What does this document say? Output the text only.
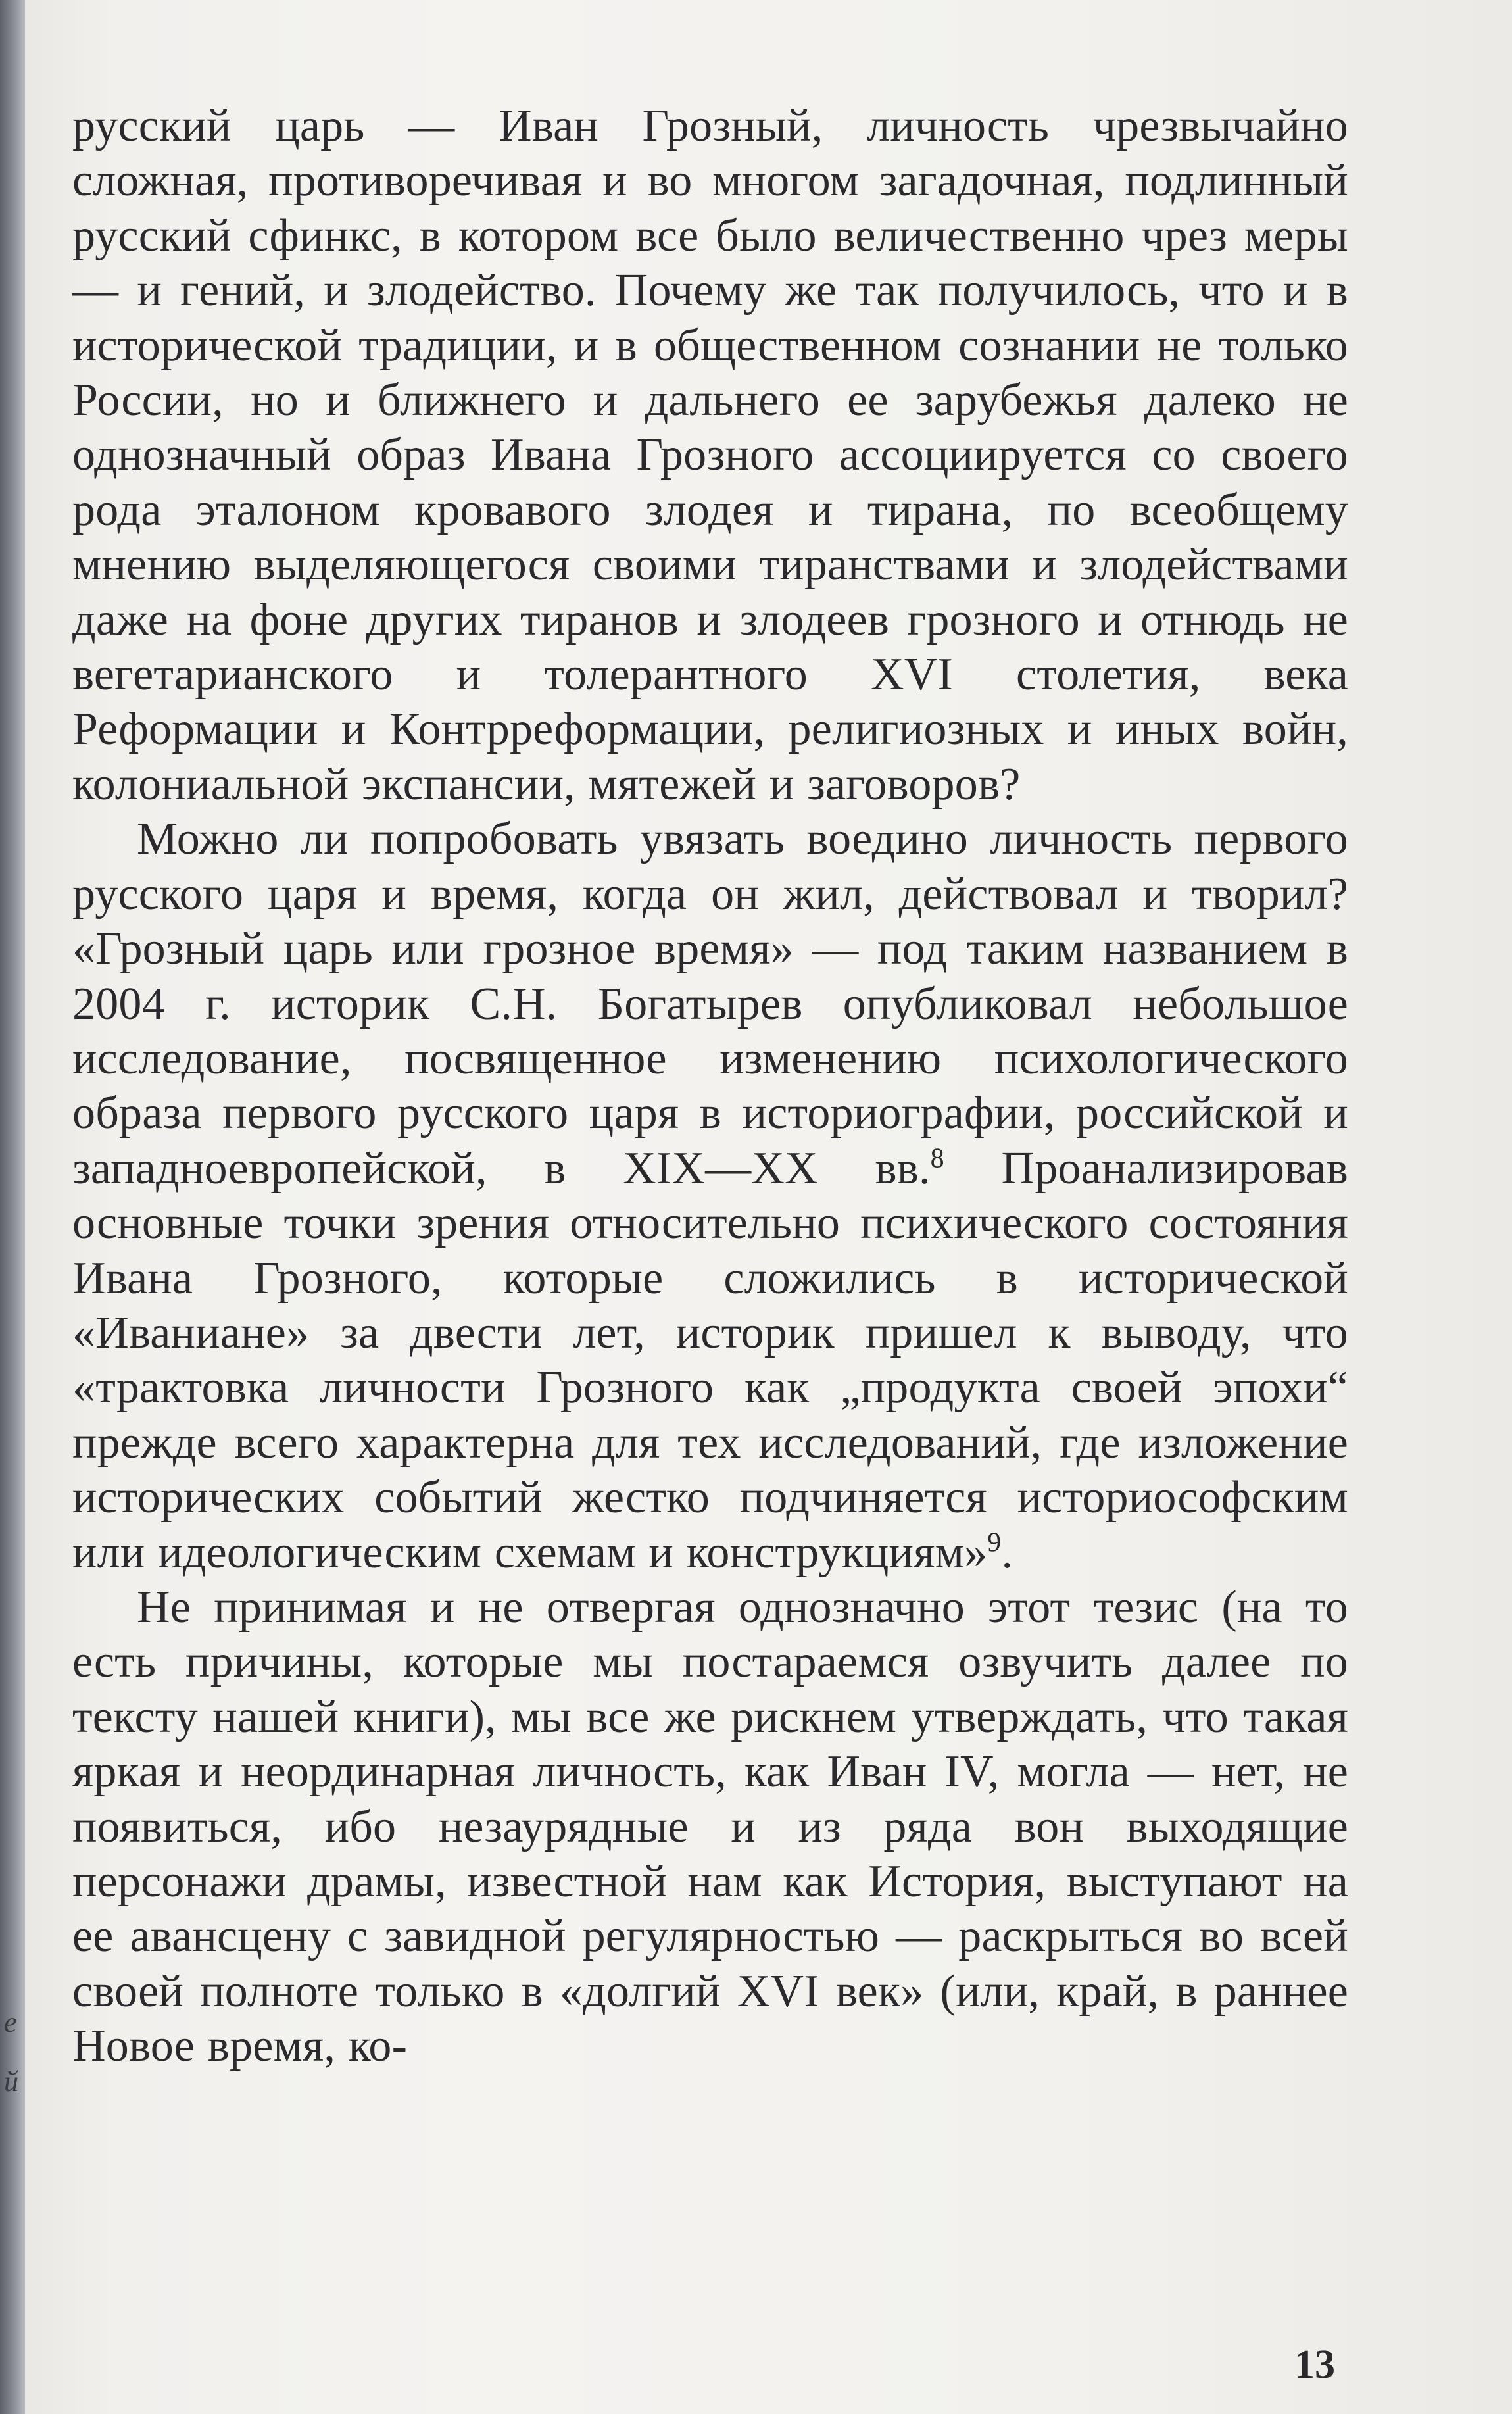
русский царь — Иван Грозный, личность чрезвычайно сложная, противоречивая и во многом загадочная, подлинный русский сфинкс, в котором все было величественно чрез меры — и гений, и злодейство. Почему же так получилось, что и в исторической традиции, и в общественном сознании не только России, но и ближнего и дальнего ее зарубежья далеко не однозначный образ Ивана Грозного ассоциируется со своего рода эталоном кровавого злодея и тирана, по всеобщему мнению выделяющегося своими тиранствами и злодействами даже на фоне других тиранов и злодеев грозного и отнюдь не вегетарианского и толерантного XVI столетия, века Реформации и Контрреформации, религиозных и иных войн, колониальной экспансии, мятежей и заговоров?

Можно ли попробовать увязать воедино личность первого русского царя и время, когда он жил, действовал и творил? «Грозный царь или грозное время» — под таким названием в 2004 г. историк С.Н. Богатырев опубликовал небольшое исследование, посвященное изменению психологического образа первого русского царя в историографии, российской и западноевропейской, в XIX—XX вв.$^8$ Проанализировав основные точки зрения относительно психического состояния Ивана Грозного, которые сложились в исторической «Иваниане» за двести лет, историк пришел к выводу, что «трактовка личности Грозного как „продукта своей эпохи“ прежде всего характерна для тех исследований, где изложение исторических событий жестко подчиняется историософским или идеологическим схемам и конструкциям»$^9$.

Не принимая и не отвергая однозначно этот тезис (на то есть причины, которые мы постараемся озвучить далее по тексту нашей книги), мы все же рискнем утверждать, что такая яркая и неординарная личность, как Иван IV, могла — нет, не появиться, ибо незаурядные и из ряда вон выходящие персонажи драмы, известной нам как История, выступают на ее авансцену с завидной регулярностью — раскрыться во всей своей полноте только в «долгий XVI век» (или, край, в раннее Новое время, ко-

13
е
й
